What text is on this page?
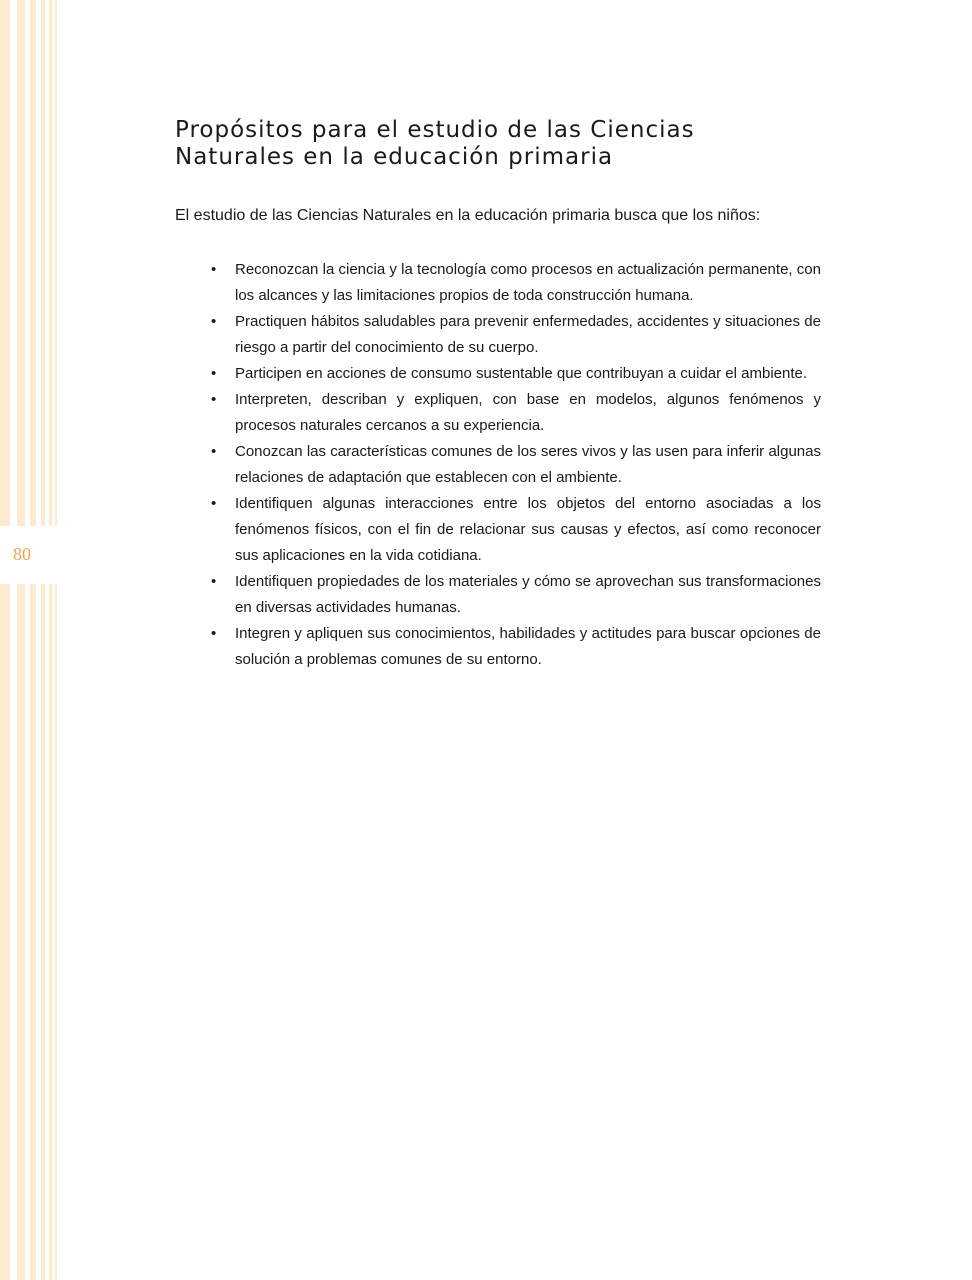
80
Propósitos para el estudio de las Ciencias Naturales en la educación primaria

El estudio de las Ciencias Naturales en la educación primaria busca que los niños:

• Reconozcan la ciencia y la tecnología como procesos en actualización permanente, con los alcances y las limitaciones propios de toda construcción humana.
• Practiquen hábitos saludables para prevenir enfermedades, accidentes y situaciones de riesgo a partir del conocimiento de su cuerpo.
• Participen en acciones de consumo sustentable que contribuyan a cuidar el ambiente.
• Interpreten, describan y expliquen, con base en modelos, algunos fenómenos y procesos naturales cercanos a su experiencia.
• Conozcan las características comunes de los seres vivos y las usen para inferir algunas relaciones de adaptación que establecen con el ambiente.
• Identifiquen algunas interacciones entre los objetos del entorno asociadas a los fenómenos físicos, con el fin de relacionar sus causas y efectos, así como reconocer sus aplicaciones en la vida cotidiana.
• Identifiquen propiedades de los materiales y cómo se aprovechan sus transformaciones en diversas actividades humanas.
• Integren y apliquen sus conocimientos, habilidades y actitudes para buscar opciones de solución a problemas comunes de su entorno.
